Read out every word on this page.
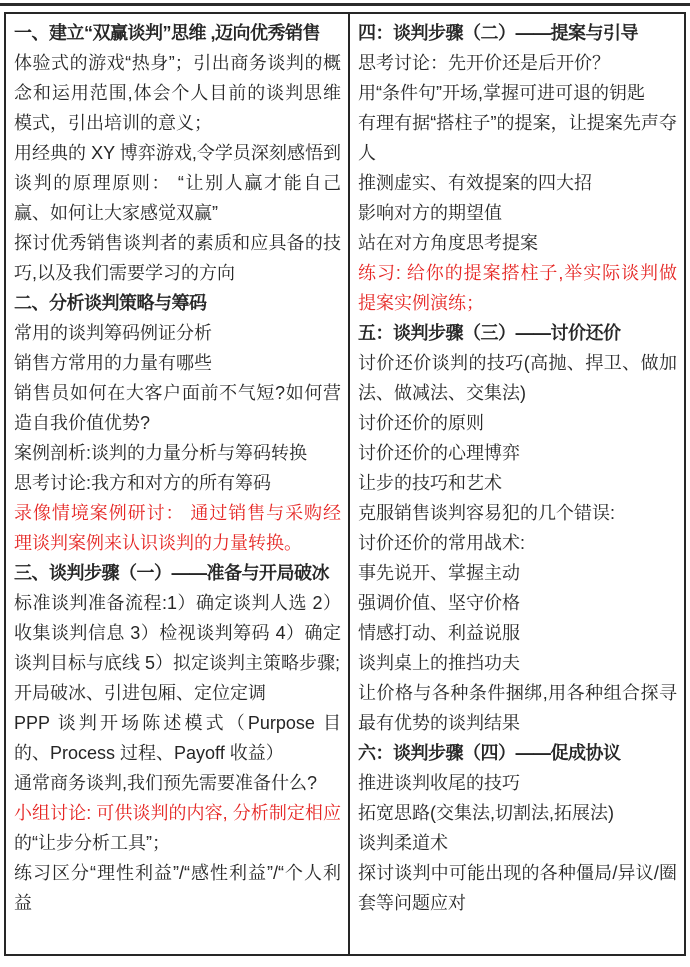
一、建立“双赢谈判”思维 ,迈向优秀销售

体验式的游戏“热身”；引出商务谈判的概念和运用范围,体会个人目前的谈判思维模式，引出培训的意义；

用经典的 XY 博弈游戏,令学员深刻感悟到谈判的原理原则： “让别人赢才能自己赢、如何让大家感觉双赢”

探讨优秀销售谈判者的素质和应具备的技巧,以及我们需要学习的方向

二、分析谈判策略与筹码

常用的谈判筹码例证分析

销售方常用的力量有哪些

销售员如何在大客户面前不气短?如何营造自我价值优势?

案例剖析:谈判的力量分析与筹码转换

思考讨论:我方和对方的所有筹码

录像情境案例研讨： 通过销售与采购经理谈判案例来认识谈判的力量转换。

三、谈判步骤（一）——准备与开局破冰

标准谈判准备流程:1）确定谈判人选 2）收集谈判信息 3）检视谈判筹码 4）确定谈判目标与底线 5）拟定谈判主策略步骤;

开局破冰、引进包厢、定位定调

PPP 谈判开场陈述模式（Purpose 目的、Process 过程、Payoff 收益）

通常商务谈判,我们预先需要准备什么?

小组讨论: 可供谈判的内容, 分析制定相应的“让步分析工具”；

练习区分“理性利益”/“感性利益”/“个人利益

四：谈判步骤（二）——提案与引导

思考讨论：先开价还是后开价？

用“条件句”开场,掌握可进可退的钥匙

有理有据“搭柱子”的提案，让提案先声夺人

推测虚实、有效提案的四大招

影响对方的期望值

站在对方角度思考提案

练习: 给你的提案搭柱子,举实际谈判做提案实例演练；

五：谈判步骤（三）——讨价还价

讨价还价谈判的技巧(高抛、捍卫、做加法、做减法、交集法)

讨价还价的原则

讨价还价的心理博弈

让步的技巧和艺术

克服销售谈判容易犯的几个错误:

讨价还价的常用战术:

事先说开、掌握主动

强调价值、坚守价格

情感打动、利益说服

谈判桌上的推挡功夫

让价格与各种条件捆绑,用各种组合探寻最有优势的谈判结果

六：谈判步骤（四）——促成协议

推进谈判收尾的技巧

拓宽思路(交集法,切割法,拓展法)

谈判柔道术

探讨谈判中可能出现的各种僵局/异议/圈套等问题应对
